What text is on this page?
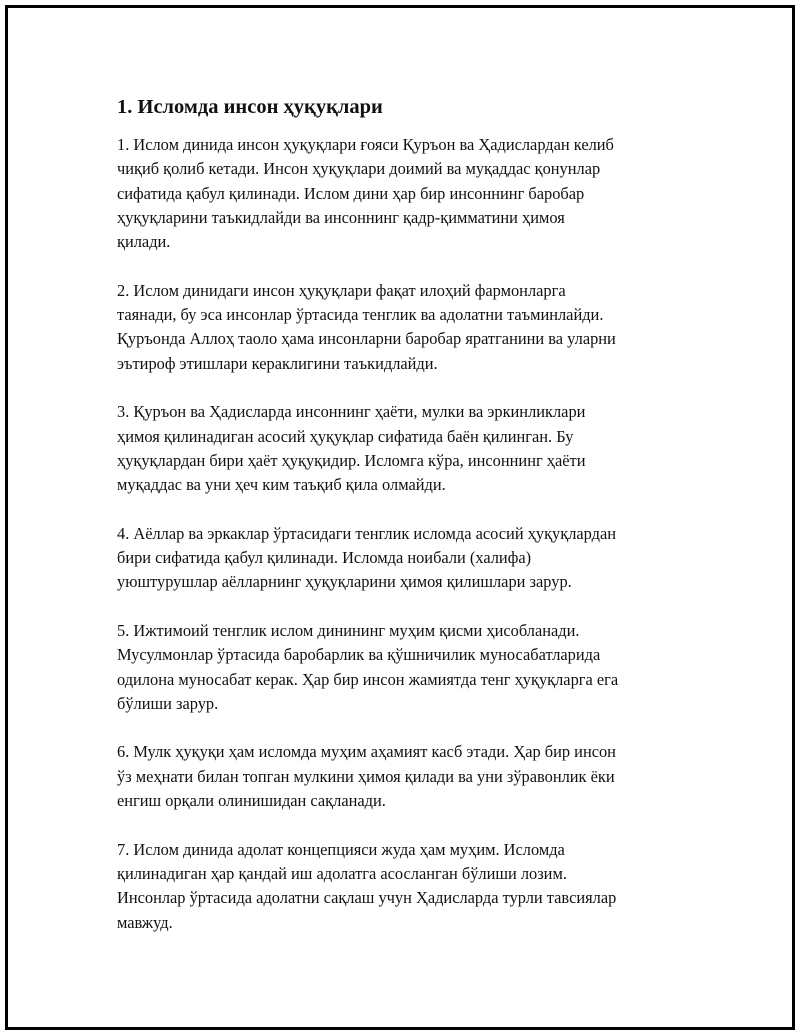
1. Исломда инсон ҳуқуқлари

1. Ислом динида инсон ҳуқуқлари ғояси Қуръон ва Ҳадислардан келиб
чиқиб қолиб кетади. Инсон ҳуқуқлари доимий ва муқаддас қонунлар
сифатида қабул қилинади. Ислом дини ҳар бир инсоннинг баробар
ҳуқуқларини таъкидлайди ва инсоннинг қадр-қимматини ҳимоя
қилади.

2. Ислом динидаги инсон ҳуқуқлари фақат илоҳий фармонларга
таянади, бу эса инсонлар ўртасида тенглик ва адолатни таъминлайди.
Қуръонда Аллоҳ таоло ҳама инсонларни баробар яратганини ва уларни
эътироф этишлари кераклигини таъкидлайди.

3. Қуръон ва Ҳадисларда инсоннинг ҳаёти, мулки ва эркинликлари
ҳимоя қилинадиган асосий ҳуқуқлар сифатида баён қилинган. Бу
ҳуқуқлардан бири ҳаёт ҳуқуқидир. Исломга кўра, инсоннинг ҳаёти
муқаддас ва уни ҳеч ким таъқиб қила олмайди.

4. Аёллар ва эркаклар ўртасидаги тенглик исломда асосий ҳуқуқлардан
бири сифатида қабул қилинади. Исломда ноибали (халифа)
уюштурушлар аёлларнинг ҳуқуқларини ҳимоя қилишлари зарур.

5. Ижтимоий тенглик ислом динининг муҳим қисми ҳисобланади.
Мусулмонлар ўртасида баробарлик ва қўшничилик муносабатларида
одилона муносабат керак. Ҳар бир инсон жамиятда тенг ҳуқуқларга eга
бўлиши зарур.

6. Мулк ҳуқуқи ҳам исломда муҳим аҳамият касб этади. Ҳар бир инсон
ўз меҳнати билан топган мулкини ҳимоя қилади ва уни зўравонлик ёки
енгиш орқали олинишидан сақланади.

7. Ислом динида адолат концепцияси жуда ҳам муҳим. Исломда
қилинадиган ҳар қандай иш адолатга асосланган бўлиши лозим.
Инсонлар ўртасида адолатни сақлаш учун Ҳадисларда турли тавсиялар
мавжуд.
